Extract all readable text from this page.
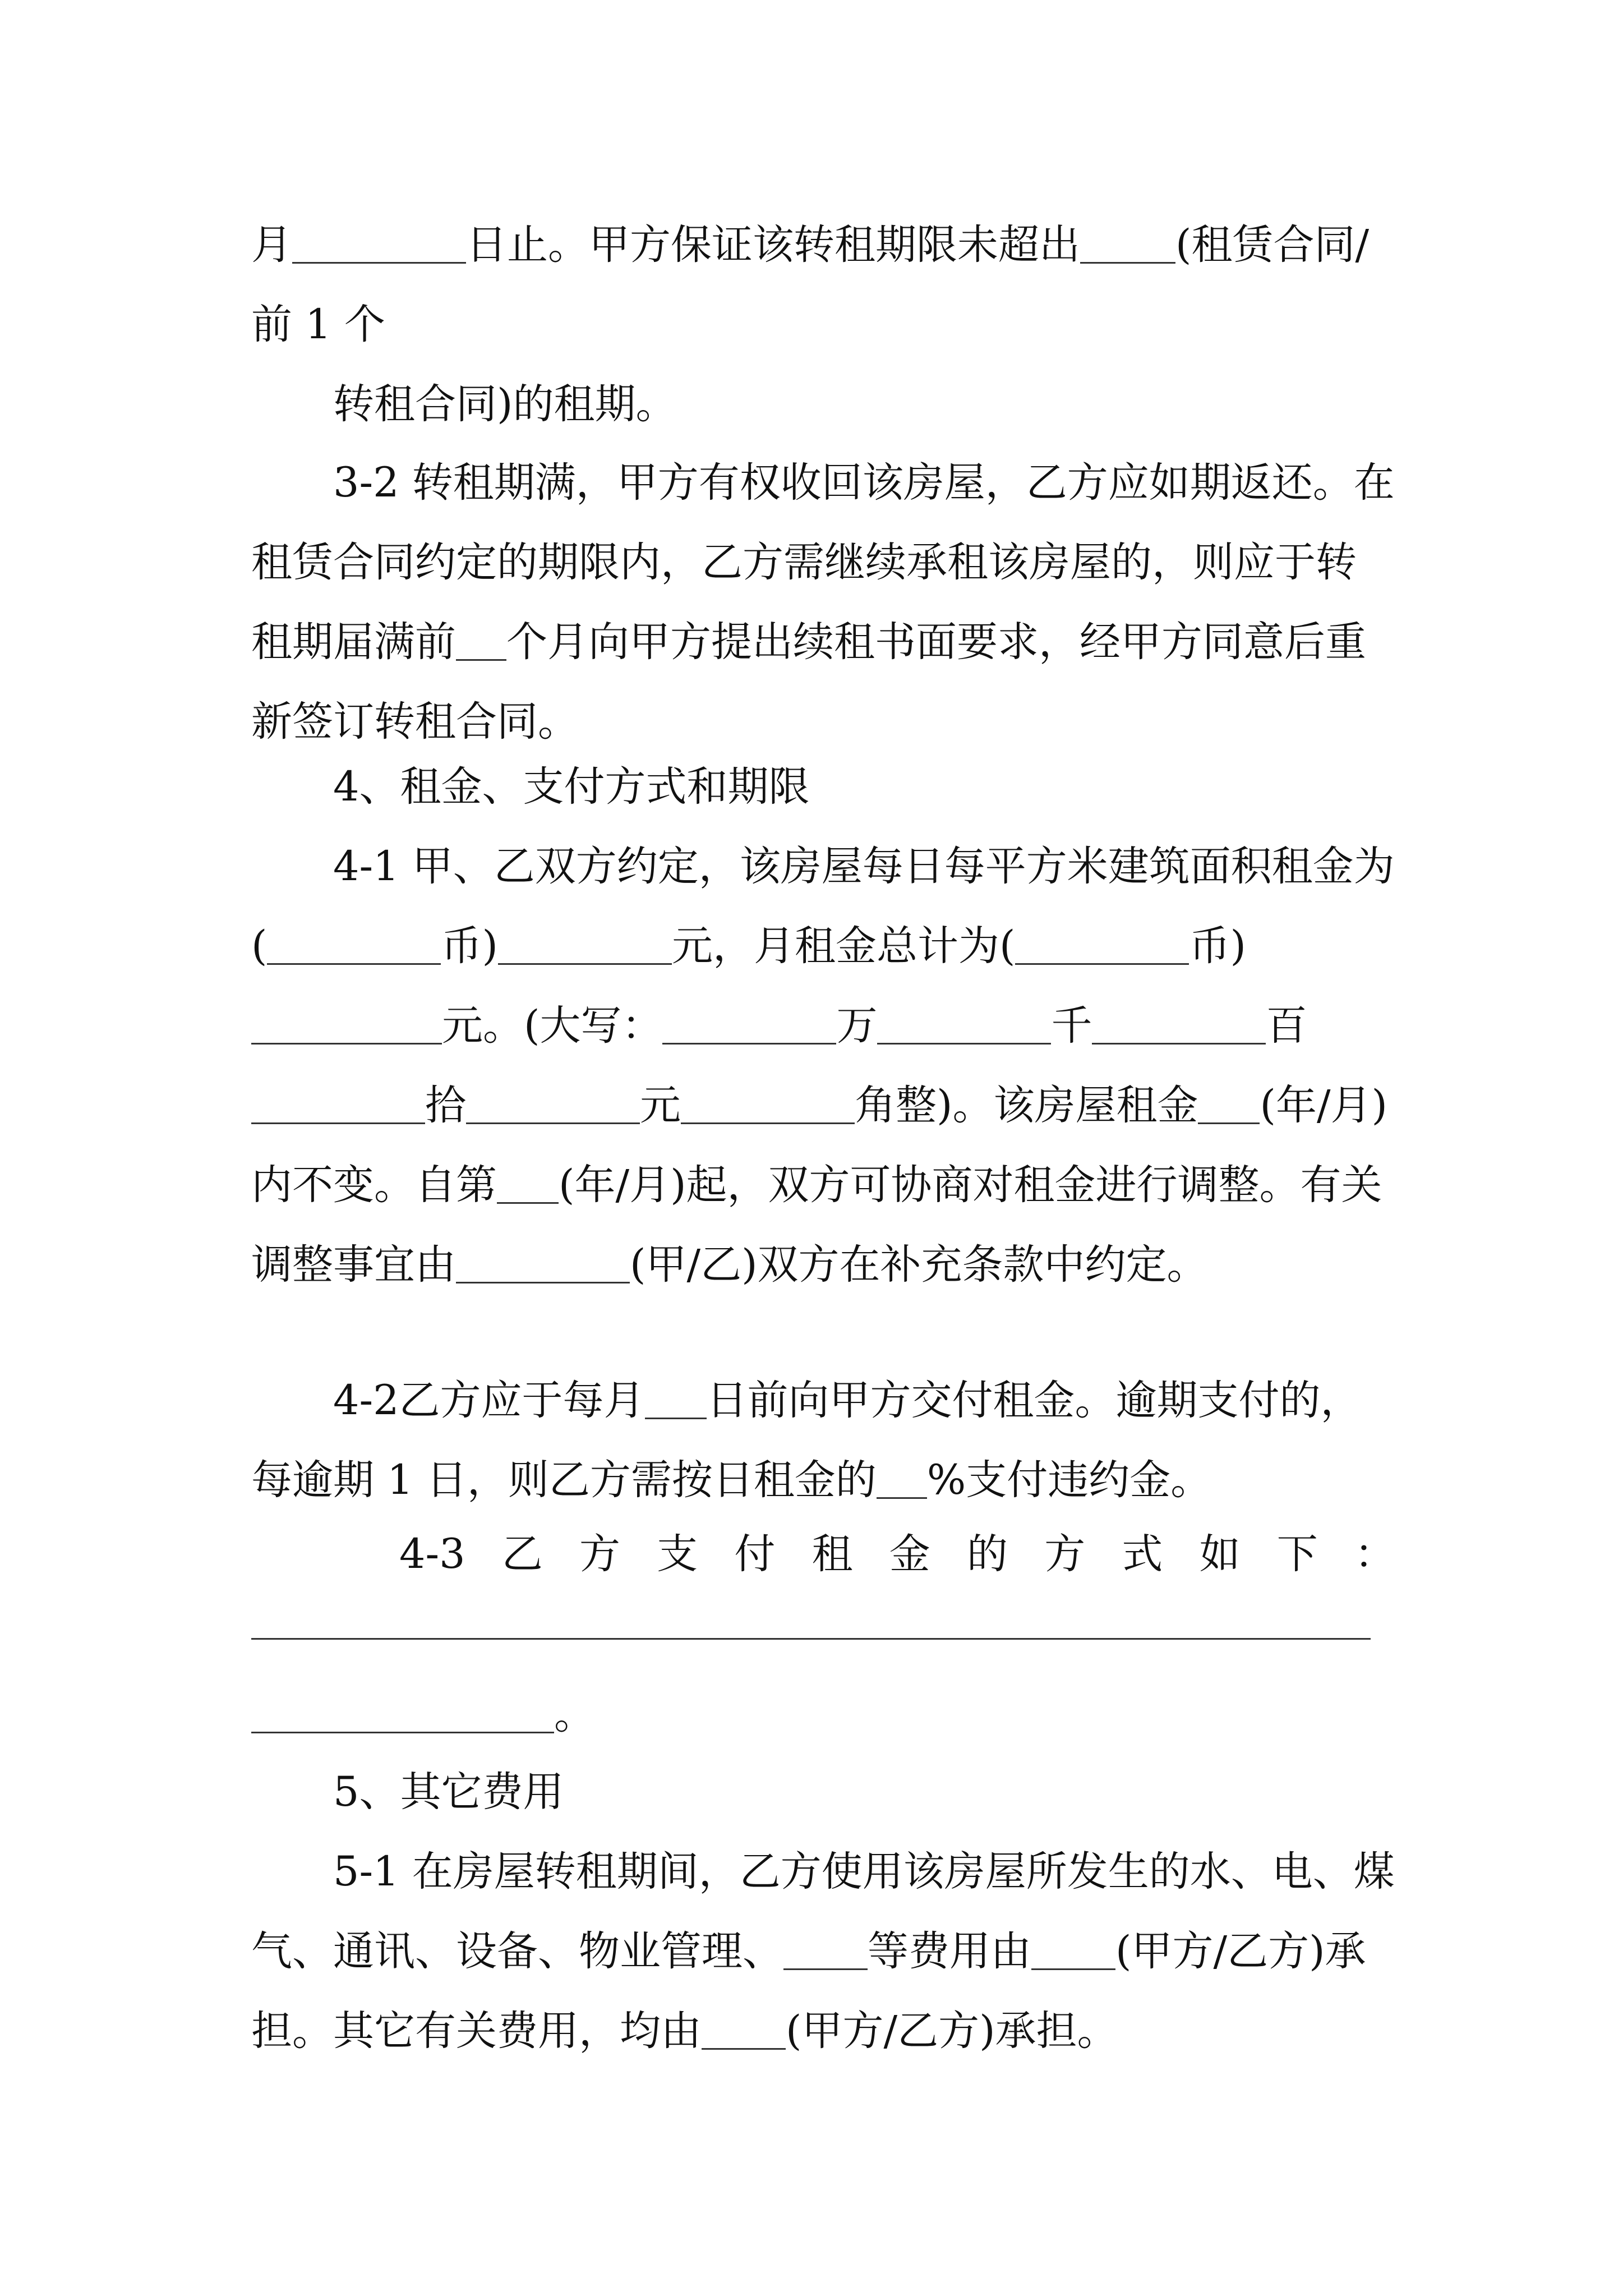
月	日止。甲方保证该转租期限未超出 (租赁合同/前 1 个
转租合同)的租期。
3-2 转租期满，甲方有权收回该房屋，乙方应如期返还。在租赁合同约定的期限内，乙方需继续承租该房屋的，则应于转租期届满前 个月向甲方提出续租书面要求，经甲方同意后重新签订转租合同。
4、租金、支付方式和期限
4-1 甲、乙双方约定，该房屋每日每平方米建筑面积租金为(	币)	元，月租金总计为(	币)元。(大写：	万	千	百拾	元	角整)。该房屋租金 (年/月)内不变。自第 (年/月)起，双方可协商对租金进行调整。有关调整事宜由	(甲/乙)双方在补充条款中约定。
4-2乙方应于每月 日前向甲方交付租金。逾期支付的，每逾期 1 日，则乙方需按日租金的 %支付违约金。
4-3 乙 方 支 付 租 金 的 方 式 如 下 ：
。
5、其它费用
5-1 在房屋转租期间，乙方使用该房屋所发生的水、电、煤气、通讯、设备、物业管理、 等费用由 (甲方/乙方)承担。其它有关费用，均由 (甲方/乙方)承担。
